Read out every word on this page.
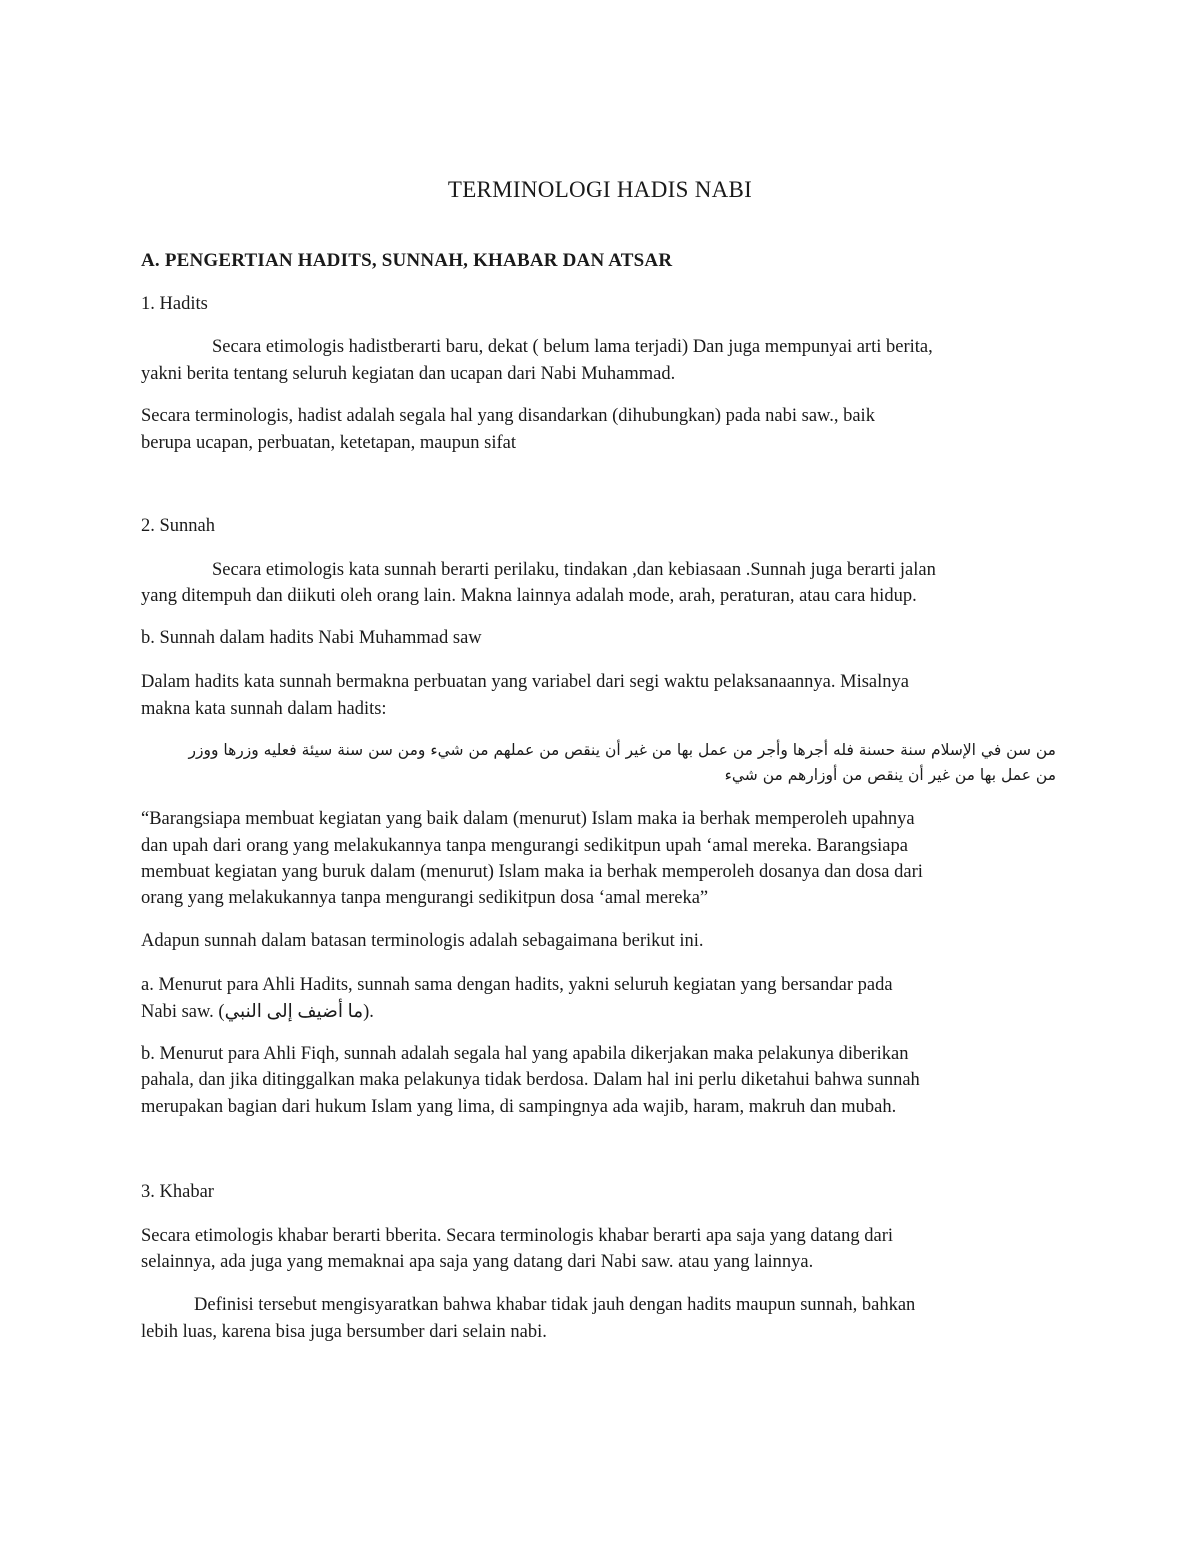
TERMINOLOGI HADIS NABI
A. PENGERTIAN HADITS, SUNNAH, KHABAR DAN ATSAR
1. Hadits
Secara etimologis hadistberarti baru, dekat ( belum lama terjadi) Dan juga mempunyai arti berita,
yakni berita tentang seluruh kegiatan dan ucapan dari Nabi Muhammad.
Secara terminologis, hadist adalah segala hal yang disandarkan (dihubungkan) pada nabi saw., baik
berupa ucapan, perbuatan, ketetapan, maupun sifat
2. Sunnah
Secara etimologis kata sunnah berarti perilaku, tindakan ,dan kebiasaan .Sunnah juga berarti jalan
yang ditempuh dan diikuti oleh orang lain. Makna lainnya adalah mode, arah, peraturan, atau cara hidup.
b. Sunnah dalam hadits Nabi Muhammad saw
Dalam hadits kata sunnah bermakna perbuatan yang variabel dari segi waktu pelaksanaannya. Misalnya
makna kata sunnah dalam hadits:
من سن في الإسلام سنة حسنة فله أجرها وأجر من عمل بها من غير أن ينقص من عملهم من شيء ومن سن سنة سيئة فعليه وزرها ووزر
من عمل بها من غير أن ينقص من أوزارهم من شيء
“Barangsiapa membuat kegiatan yang baik dalam (menurut) Islam maka ia berhak memperoleh upahnya
dan upah dari orang yang melakukannya tanpa mengurangi sedikitpun upah ‘amal mereka. Barangsiapa
membuat kegiatan yang buruk dalam (menurut) Islam maka ia berhak memperoleh dosanya dan dosa dari
orang yang melakukannya tanpa mengurangi sedikitpun dosa ‘amal mereka”
Adapun sunnah dalam batasan terminologis adalah sebagaimana berikut ini.
a. Menurut para Ahli Hadits, sunnah sama dengan hadits, yakni seluruh kegiatan yang bersandar pada
Nabi saw. (ما أضيف إلى النبي).
b. Menurut para Ahli Fiqh, sunnah adalah segala hal yang apabila dikerjakan maka pelakunya diberikan
pahala, dan jika ditinggalkan maka pelakunya tidak berdosa. Dalam hal ini perlu diketahui bahwa sunnah
merupakan bagian dari hukum Islam yang lima, di sampingnya ada wajib, haram, makruh dan mubah.
3. Khabar
Secara etimologis khabar berarti bberita. Secara terminologis khabar berarti apa saja yang datang dari
selainnya, ada juga yang memaknai apa saja yang datang dari Nabi saw. atau yang lainnya.
Definisi tersebut mengisyaratkan bahwa khabar tidak jauh dengan hadits maupun sunnah, bahkan
lebih luas, karena bisa juga bersumber dari selain nabi.
